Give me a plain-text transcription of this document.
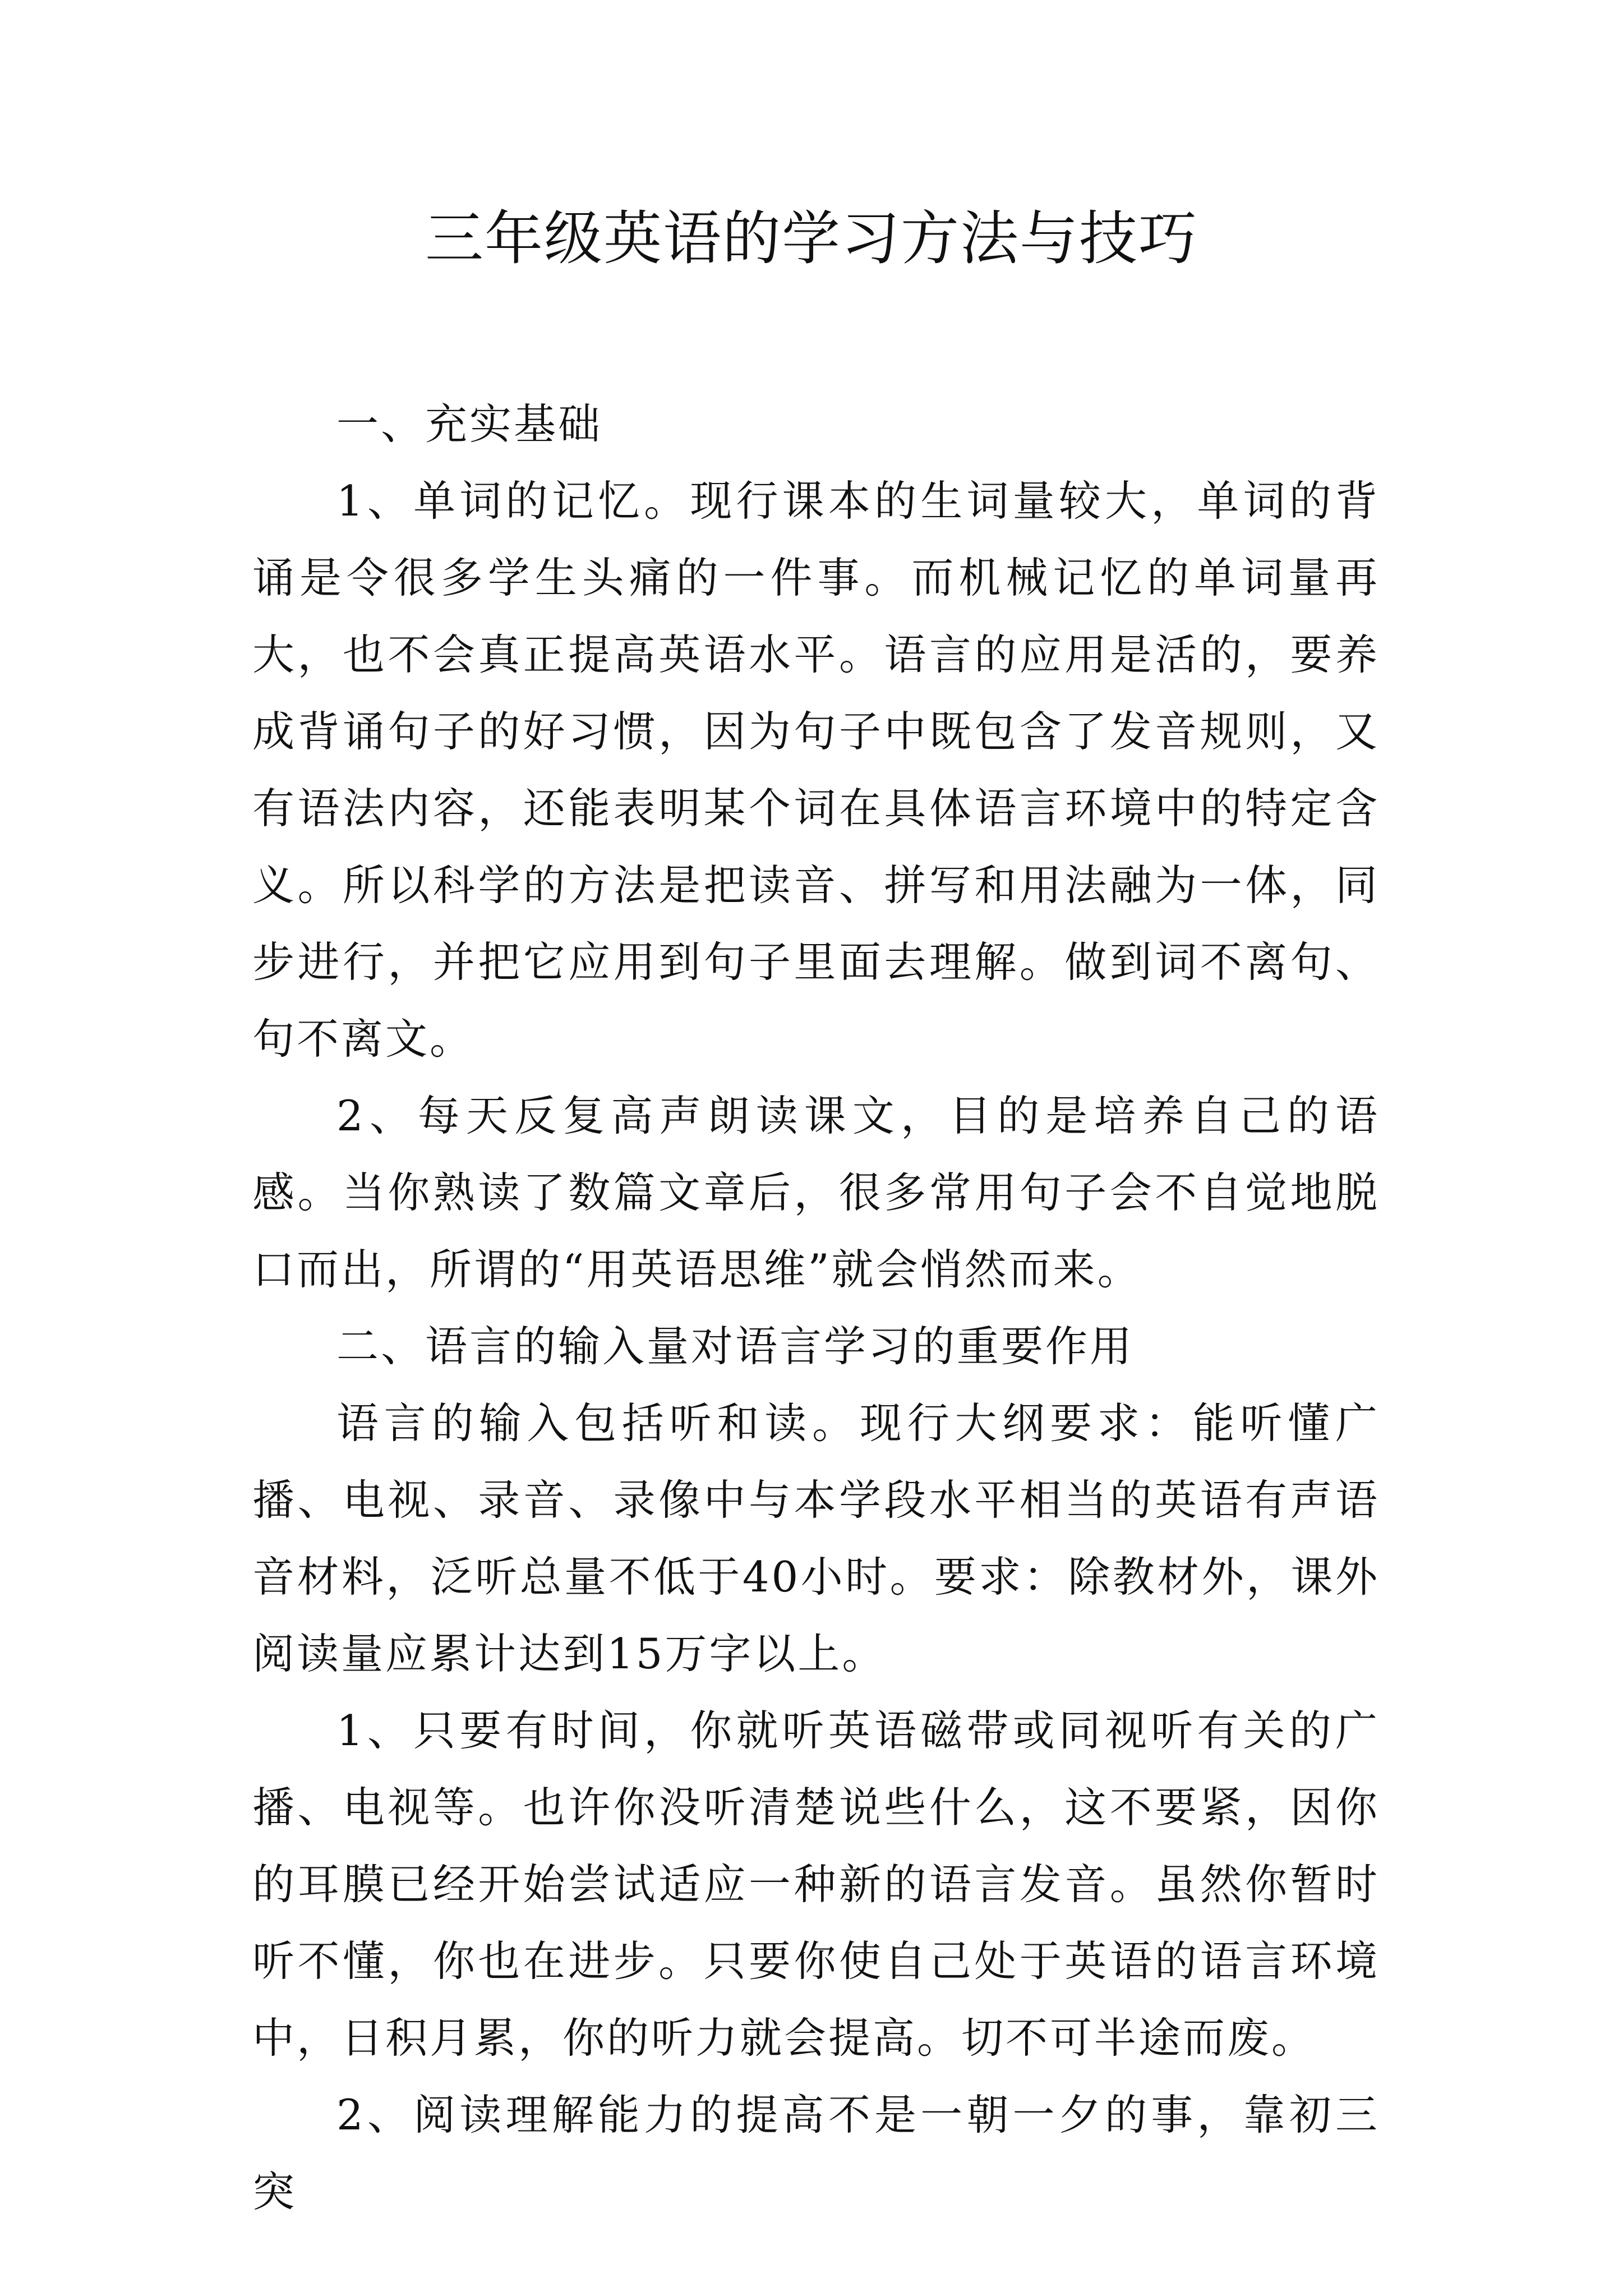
三年级英语的学习方法与技巧

一、充实基础

1、单词的记忆。现行课本的生词量较大，单词的背诵是令很多学生头痛的一件事。而机械记忆的单词量再大，也不会真正提高英语水平。语言的应用是活的，要养成背诵句子的好习惯，因为句子中既包含了发音规则，又有语法内容，还能表明某个词在具体语言环境中的特定含义。所以科学的方法是把读音、拼写和用法融为一体，同步进行，并把它应用到句子里面去理解。做到词不离句、句不离文。

2、每天反复高声朗读课文，目的是培养自己的语感。当你熟读了数篇文章后，很多常用句子会不自觉地脱口而出，所谓的“用英语思维”就会悄然而来。

二、语言的输入量对语言学习的重要作用

语言的输入包括听和读。现行大纲要求：能听懂广播、电视、录音、录像中与本学段水平相当的英语有声语音材料，泛听总量不低于40小时。要求：除教材外，课外阅读量应累计达到15万字以上。

1、只要有时间，你就听英语磁带或同视听有关的广播、电视等。也许你没听清楚说些什么，这不要紧，因你的耳膜已经开始尝试适应一种新的语言发音。虽然你暂时听不懂，你也在进步。只要你使自己处于英语的语言环境中，日积月累，你的听力就会提高。切不可半途而废。

2、阅读理解能力的提高不是一朝一夕的事，靠初三突
